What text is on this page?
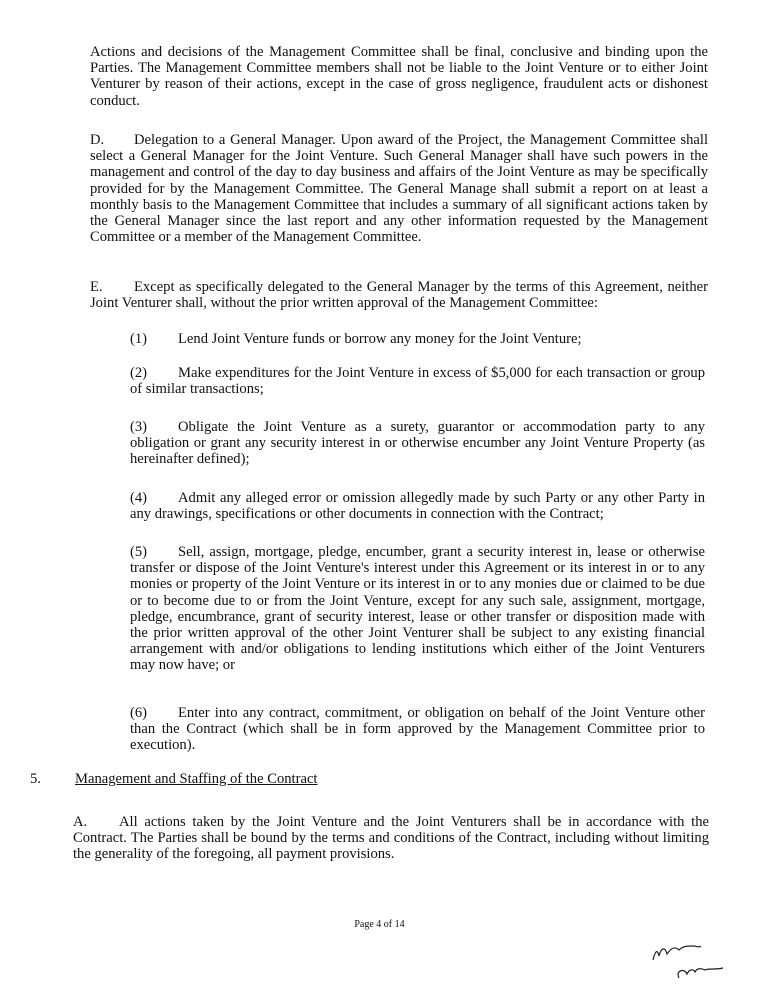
Actions and decisions of the Management Committee shall be final, conclusive and binding upon the Parties. The Management Committee members shall not be liable to the Joint Venture or to either Joint Venturer by reason of their actions, except in the case of gross negligence, fraudulent acts or dishonest conduct.

D. Delegation to a General Manager. Upon award of the Project, the Management Committee shall select a General Manager for the Joint Venture. Such General Manager shall have such powers in the management and control of the day to day business and affairs of the Joint Venture as may be specifically provided for by the Management Committee. The General Manage shall submit a report on at least a monthly basis to the Management Committee that includes a summary of all significant actions taken by the General Manager since the last report and any other information requested by the Management Committee or a member of the Management Committee.

E. Except as specifically delegated to the General Manager by the terms of this Agreement, neither Joint Venturer shall, without the prior written approval of the Management Committee:

(1) Lend Joint Venture funds or borrow any money for the Joint Venture;

(2) Make expenditures for the Joint Venture in excess of $5,000 for each transaction or group of similar transactions;

(3) Obligate the Joint Venture as a surety, guarantor or accommodation party to any obligation or grant any security interest in or otherwise encumber any Joint Venture Property (as hereinafter defined);

(4) Admit any alleged error or omission allegedly made by such Party or any other Party in any drawings, specifications or other documents in connection with the Contract;

(5) Sell, assign, mortgage, pledge, encumber, grant a security interest in, lease or otherwise transfer or dispose of the Joint Venture's interest under this Agreement or its interest in or to any monies or property of the Joint Venture or its interest in or to any monies due or claimed to be due or to become due to or from the Joint Venture, except for any such sale, assignment, mortgage, pledge, encumbrance, grant of security interest, lease or other transfer or disposition made with the prior written approval of the other Joint Venturer shall be subject to any existing financial arrangement with and/or obligations to lending institutions which either of the Joint Venturers may now have; or

(6) Enter into any contract, commitment, or obligation on behalf of the Joint Venture other than the Contract (which shall be in form approved by the Management Committee prior to execution).

5. Management and Staffing of the Contract

A. All actions taken by the Joint Venture and the Joint Venturers shall be in accordance with the Contract. The Parties shall be bound by the terms and conditions of the Contract, including without limiting the generality of the foregoing, all payment provisions.

Page 4 of 14
